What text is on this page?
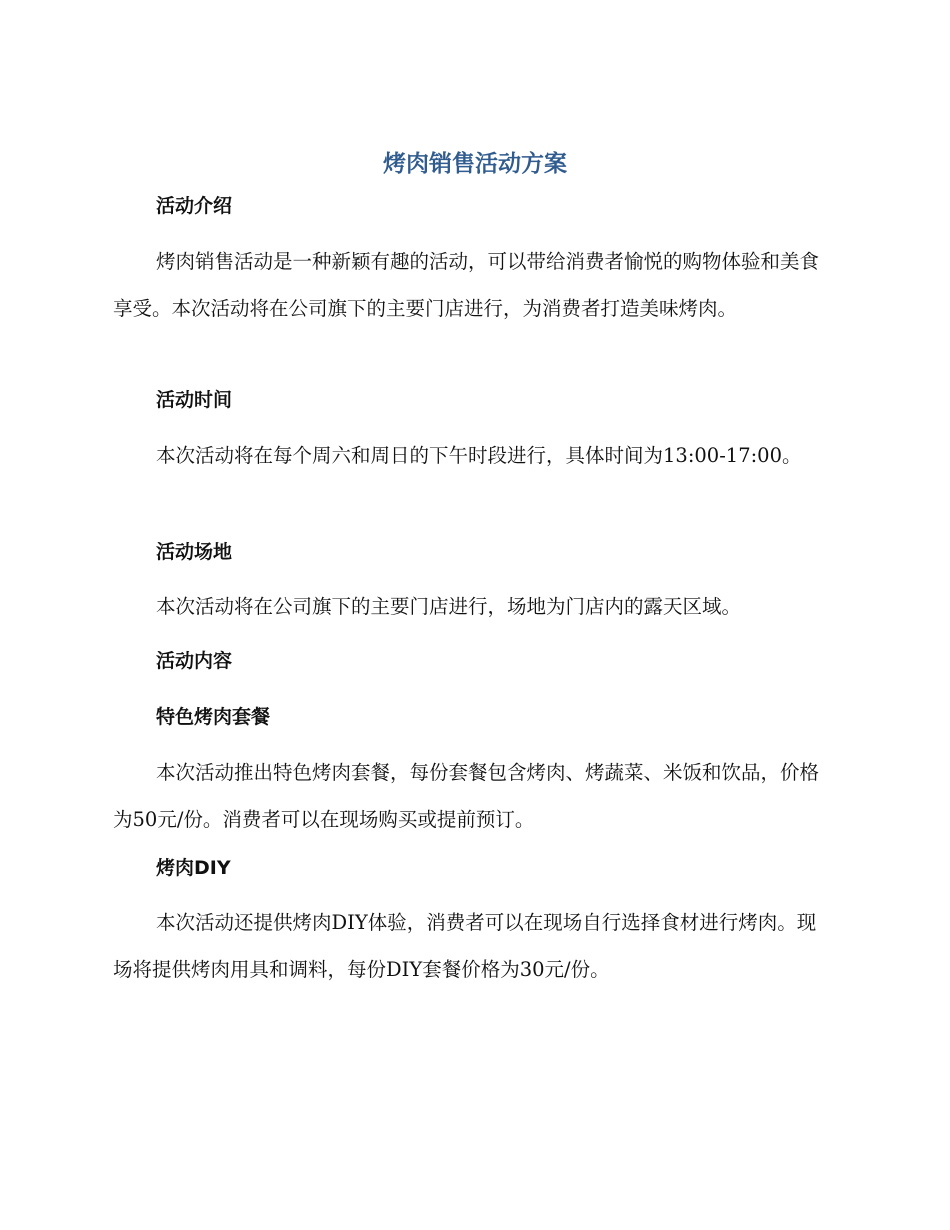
烤肉销售活动方案
活动介绍

烤肉销售活动是一种新颖有趣的活动，可以带给消费者愉悦的购物体验和美食享受。本次活动将在公司旗下的主要门店进行，为消费者打造美味烤肉。

活动时间

本次活动将在每个周六和周日的下午时段进行，具体时间为13:00-17:00。

活动场地

本次活动将在公司旗下的主要门店进行，场地为门店内的露天区域。

活动内容
特色烤肉套餐

本次活动推出特色烤肉套餐，每份套餐包含烤肉、烤蔬菜、米饭和饮品，价格为50元/份。消费者可以在现场购买或提前预订。

烤肉DIY

本次活动还提供烤肉DIY体验，消费者可以在现场自行选择食材进行烤肉。现场将提供烤肉用具和调料，每份DIY套餐价格为30元/份。
